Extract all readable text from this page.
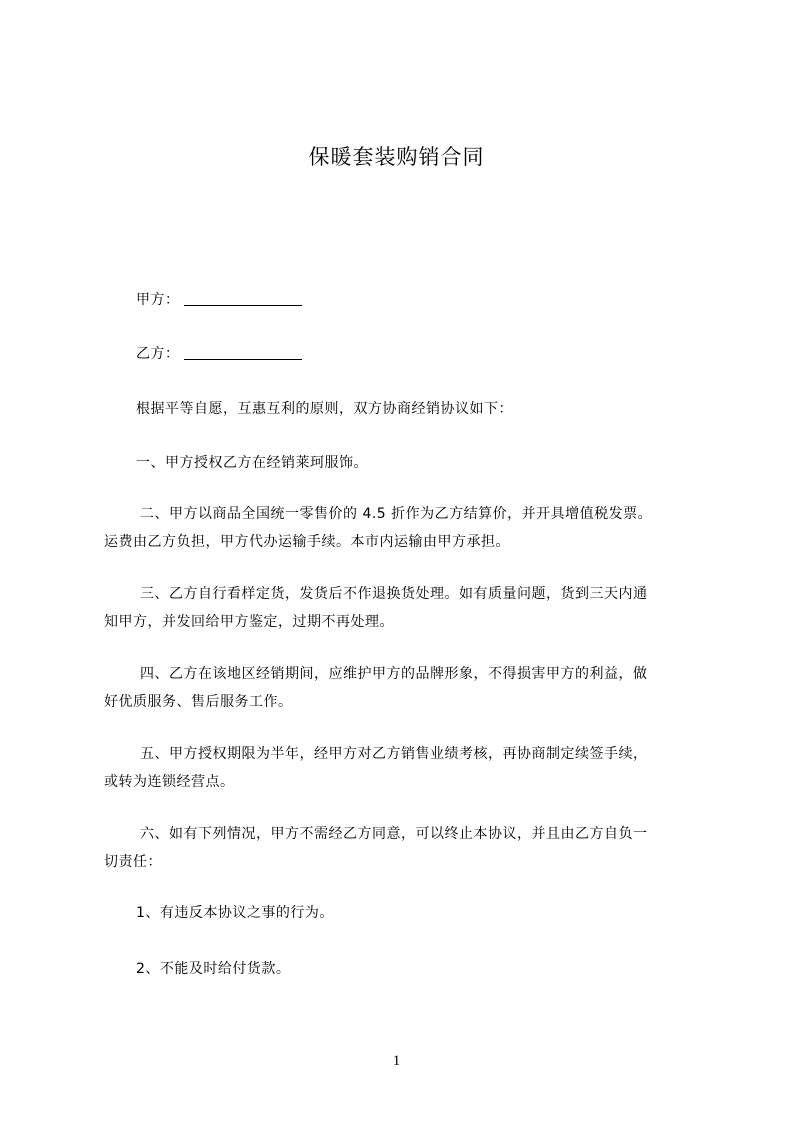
保暖套装购销合同
甲方：
乙方：
根据平等自愿，互惠互利的原则，双方协商经销协议如下：
一、甲方授权乙方在经销莱珂服饰。
二、甲方以商品全国统一零售价的 4.5 折作为乙方结算价，并开具增值税发票。
运费由乙方负担，甲方代办运输手续。本市内运输由甲方承担。
三、乙方自行看样定货，发货后不作退换货处理。如有质量问题，货到三天内通
知甲方，并发回给甲方鉴定，过期不再处理。
四、乙方在该地区经销期间，应维护甲方的品牌形象，不得损害甲方的利益，做
好优质服务、售后服务工作。
五、甲方授权期限为半年，经甲方对乙方销售业绩考核，再协商制定续签手续，
或转为连锁经营点。
六、如有下列情况，甲方不需经乙方同意，可以终止本协议，并且由乙方自负一
切责任：
1、有违反本协议之事的行为。
2、不能及时给付货款。
1
